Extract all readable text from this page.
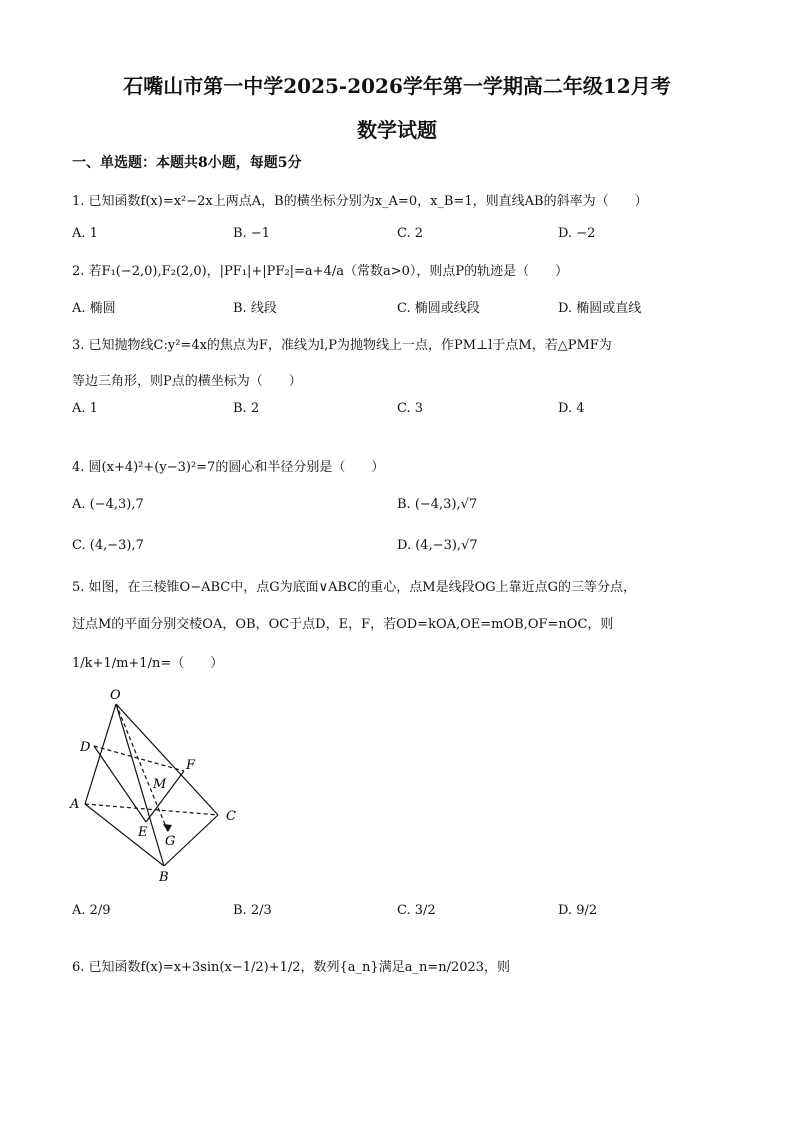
石嘴山市第一中学2025-2026学年第一学期高二年级12月考
数学试题
一、单选题：本题共8小题，每题5分
1. 已知函数f(x)=x²−2x上两点A，B的横坐标分别为x_A=0，x_B=1，则直线AB的斜率为（　　）
A. 1	B. −1	C. 2	D. −2
2. 若F₁(−2,0),F₂(2,0)，|PF₁|+|PF₂|=a+4/a（常数a>0），则点P的轨迹是（　　）
A. 椭圆	B. 线段	C. 椭圆或线段	D. 椭圆或直线
3. 已知抛物线C:y²=4x的焦点为F，准线为l,P为抛物线上一点，作PM⊥l于点M，若△PMF为
等边三角形，则P点的横坐标为（　　）
A. 1	B. 2	C. 3	D. 4
4. 圆(x+4)²+(y−3)²=7的圆心和半径分别是（　　）
A. (−4,3),7	B. (−4,3),√7
C. (4,−3),7	D. (4,−3),√7
5. 如图，在三棱锥O−ABC中，点G为底面∨ABC的重心，点M是线段OG上靠近点G的三等分点，
过点M的平面分别交棱OA，OB，OC于点D，E，F，若OD=kOA,OE=mOB,OF=nOC，则
1/k+1/m+1/n=（　　）
O
D
F
M
A
E
C
G
B
A. 2/9	B. 2/3	C. 3/2	D. 9/2
6. 已知函数f(x)=x+3sin(x−1/2)+1/2，数列{a_n}满足a_n=n/2023，则
